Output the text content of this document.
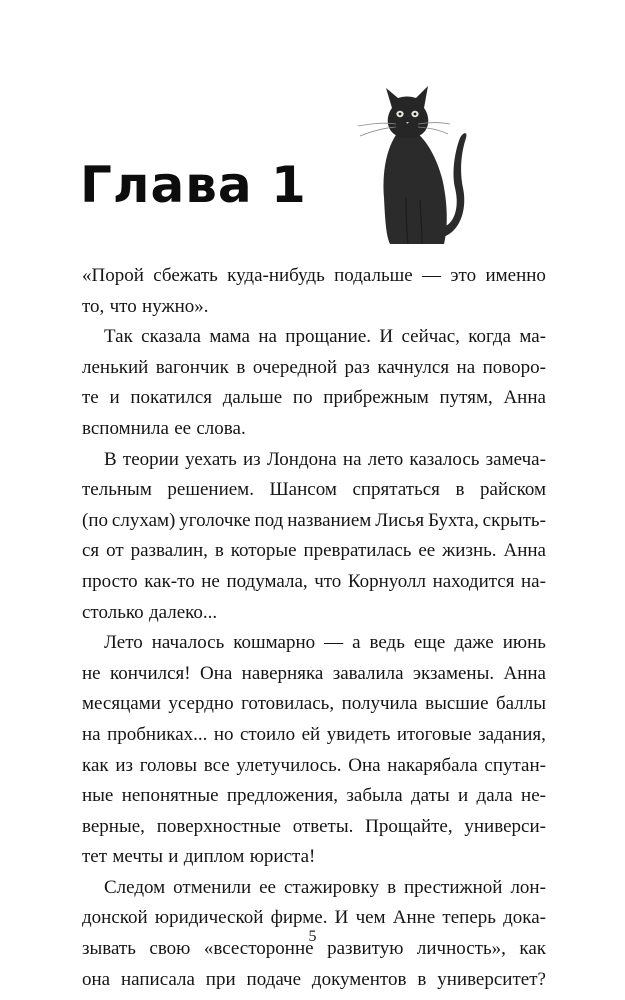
Глава 1
«Порой сбежать куда-нибудь подальше — это именно
то, что нужно».
Так сказала мама на прощание. И сейчас, когда ма-
ленький вагончик в очередной раз качнулся на поворо-
те и покатился дальше по прибрежным путям, Анна
вспомнила ее слова.
В теории уехать из Лондона на лето казалось замеча-
тельным решением. Шансом спрятаться в райском
(по слухам) уголочке под названием Лисья Бухта, скрыть-
ся от развалин, в которые превратилась ее жизнь. Анна
просто как-то не подумала, что Корнуолл находится на-
столько далеко...
Лето началось кошмарно — а ведь еще даже июнь
не кончился! Она наверняка завалила экзамены. Анна
месяцами усердно готовилась, получила высшие баллы
на пробниках... но стоило ей увидеть итоговые задания,
как из головы все улетучилось. Она накарябала спутан-
ные непонятные предложения, забыла даты и дала не-
верные, поверхностные ответы. Прощайте, универси-
тет мечты и диплом юриста!
Следом отменили ее стажировку в престижной лон-
донской юридической фирме. И чем Анне теперь дока-
зывать свою «всесторонне развитую личность», как
она написала при подаче документов в университет?
5
